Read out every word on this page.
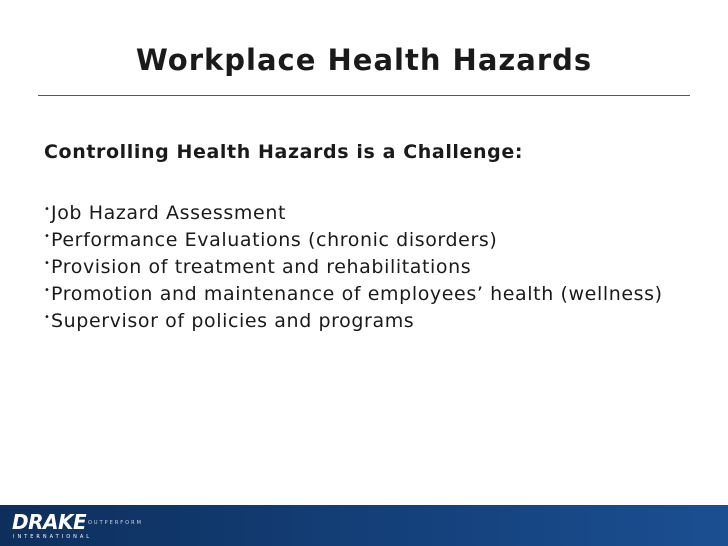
Workplace Health Hazards

Controlling Health Hazards is a Challenge:

• Job Hazard Assessment
• Performance Evaluations (chronic disorders)
• Provision of treatment and rehabilitations
• Promotion and maintenance of employees’ health (wellness)
• Supervisor of policies and programs
DRAKE
INTERNATIONAL
OUTPERFORM
